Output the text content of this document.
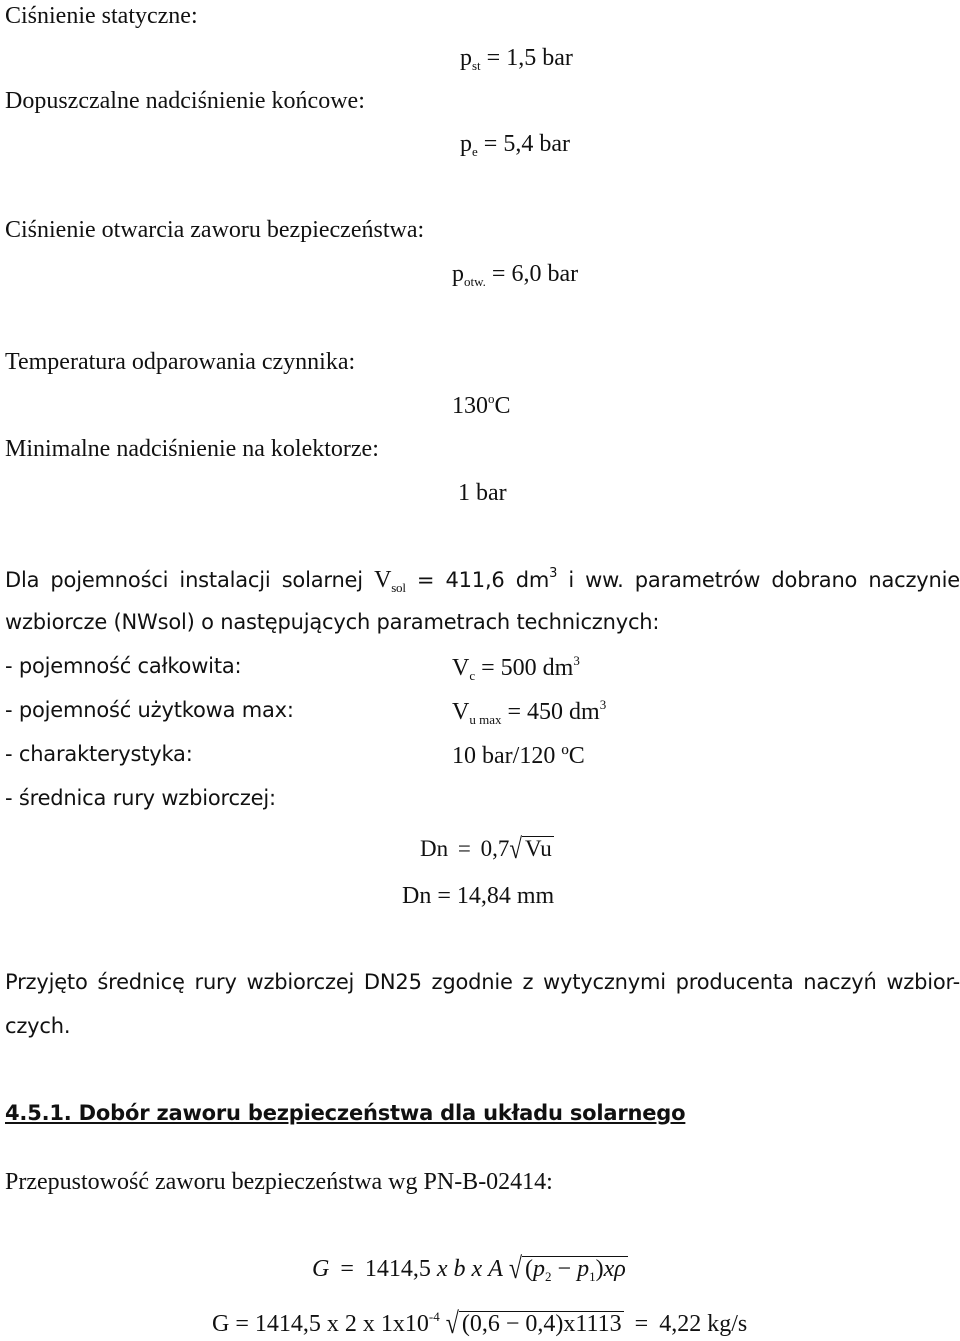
Ciśnienie statyczne:
$p_{st} = 1,5$ bar
Dopuszczalne nadciśnienie końcowe:
$p_e = 5,4$ bar
Ciśnienie otwarcia zaworu bezpieczeństwa:
$p_{otw.} = 6,0$ bar
Temperatura odparowania czynnika:
130$^o$C
Minimalne nadciśnienie na kolektorze:
1 bar
Dla pojemności instalacji solarnej $V_{sol} = 411,6$ $dm^3$ i ww. parametrów dobrano naczynie
wzbiorcze (NWsol) o następujących parametrach technicznych:
- pojemność całkowita:	$V_c = 500$ $dm^3$
- pojemność użytkowa max:	$V_{u max} = 450$ $dm^3$
- charakterystyka:	10 bar/120 ºC
- średnica rury wzbiorczej:
Dn = 0,7√ Vu
Dn = 14,84 mm
Przyjęto średnicę rury wzbiorczej DN25 zgodnie z wytycznymi producenta naczyń wzbior-
czych.
4.5.1. Dobór zaworu bezpieczeństwa dla układu solarnego
Przepustowość zaworu bezpieczeństwa wg PN-B-02414:
G = 1414,5 x b x A √ $(p_2 - p_1)x\rho$
G = 1414,5 x 2 x $1x10^{-4}$ √ (0,6 − 0,4)x1113 = 4,22 kg/s
